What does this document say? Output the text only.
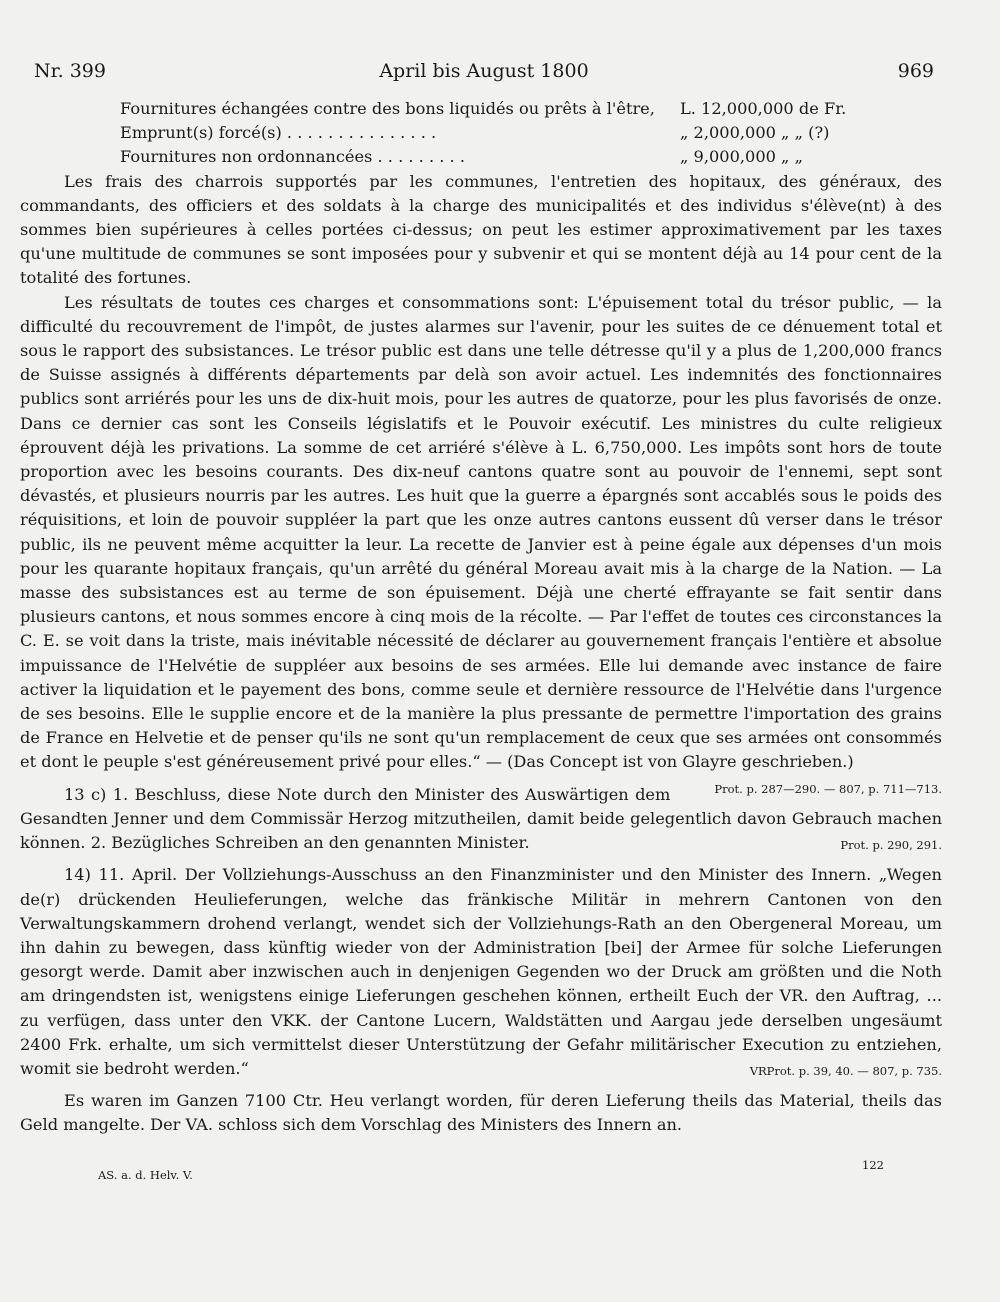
Nr. 399	April bis August 1800	969
Fournitures échangées contre des bons liquidés ou prêts à l'être,	L. 12,000,000 de Fr.
Emprunt(s) forcé(s) . . . . . . . . . . . . . . .	„ 2,000,000 „ „ (?)
Fournitures non ordonnancées . . . . . . . . .	„ 9,000,000 „ „

Les frais des charrois supportés par les communes, l'entretien des hopitaux, des généraux, des commandants, des officiers et des soldats à la charge des municipalités et des individus s'élève(nt) à des sommes bien supérieures à celles portées ci-dessus; on peut les estimer approximativement par les taxes qu'une multitude de communes se sont imposées pour y subvenir et qui se montent déjà au 14 pour cent de la totalité des fortunes.

Les résultats de toutes ces charges et consommations sont: L'épuisement total du trésor public, — la difficulté du recouvrement de l'impôt, de justes alarmes sur l'avenir, pour les suites de ce dénuement total et sous le rapport des subsistances. Le trésor public est dans une telle détresse qu'il y a plus de 1,200,000 francs de Suisse assignés à différents départements par delà son avoir actuel. Les indemnités des fonctionnaires publics sont arriérés pour les uns de dix-huit mois, pour les autres de quatorze, pour les plus favorisés de onze. Dans ce dernier cas sont les Conseils législatifs et le Pouvoir exécutif. Les ministres du culte religieux éprouvent déjà les privations. La somme de cet arriéré s'élève à L. 6,750,000. Les impôts sont hors de toute proportion avec les besoins courants. Des dix-neuf cantons quatre sont au pouvoir de l'ennemi, sept sont dévastés, et plusieurs nourris par les autres. Les huit que la guerre a épargnés sont accablés sous le poids des réquisitions, et loin de pouvoir suppléer la part que les onze autres cantons eussent dû verser dans le trésor public, ils ne peuvent même acquitter la leur. La recette de Janvier est à peine égale aux dépenses d'un mois pour les quarante hopitaux français, qu'un arrêté du général Moreau avait mis à la charge de la Nation. — La masse des subsistances est au terme de son épuisement. Déjà une cherté effrayante se fait sentir dans plusieurs cantons, et nous sommes encore à cinq mois de la récolte. — Par l'effet de toutes ces circonstances la C. E. se voit dans la triste, mais inévitable nécessité de déclarer au gouvernement français l'entière et absolue impuissance de l'Helvétie de suppléer aux besoins de ses armées. Elle lui demande avec instance de faire activer la liquidation et le payement des bons, comme seule et dernière ressource de l'Helvétie dans l'urgence de ses besoins. Elle le supplie encore et de la manière la plus pressante de permettre l'importation des grains de France en Helvetie et de penser qu'ils ne sont qu'un remplacement de ceux que ses armées ont consommés et dont le peuple s'est généreusement privé pour elles.“ — (Das Concept ist von Glayre geschrieben.)
Prot. p. 287—290. — 807, p. 711—713.

13 c) 1. Beschluss, diese Note durch den Minister des Auswärtigen dem Gesandten Jenner und dem Commissär Herzog mitzutheilen, damit beide gelegentlich davon Gebrauch machen können. 2. Bezügliches Schreiben an den genannten Minister.	Prot. p. 290, 291.

14) 11. April. Der Vollziehungs-Ausschuss an den Finanzminister und den Minister des Innern. „Wegen de(r) drückenden Heulieferungen, welche das fränkische Militär in mehrern Cantonen von den Verwaltungskammern drohend verlangt, wendet sich der Vollziehungs-Rath an den Obergeneral Moreau, um ihn dahin zu bewegen, dass künftig wieder von der Administration [bei] der Armee für solche Lieferungen gesorgt werde. Damit aber inzwischen auch in denjenigen Gegenden wo der Druck am größten und die Noth am dringendsten ist, wenigstens einige Lieferungen geschehen können, ertheilt Euch der VR. den Auftrag, ... zu verfügen, dass unter den VKK. der Cantone Lucern, Waldstätten und Aargau jede derselben ungesäumt 2400 Frk. erhalte, um sich vermittelst dieser Unterstützung der Gefahr militärischer Execution zu entziehen, womit sie bedroht werden.“	VRProt. p. 39, 40. — 807, p. 735.

Es waren im Ganzen 7100 Ctr. Heu verlangt worden, für deren Lieferung theils das Material, theils das Geld mangelte. Der VA. schloss sich dem Vorschlag des Ministers des Innern an.

AS. a. d. Helv. V.
122
